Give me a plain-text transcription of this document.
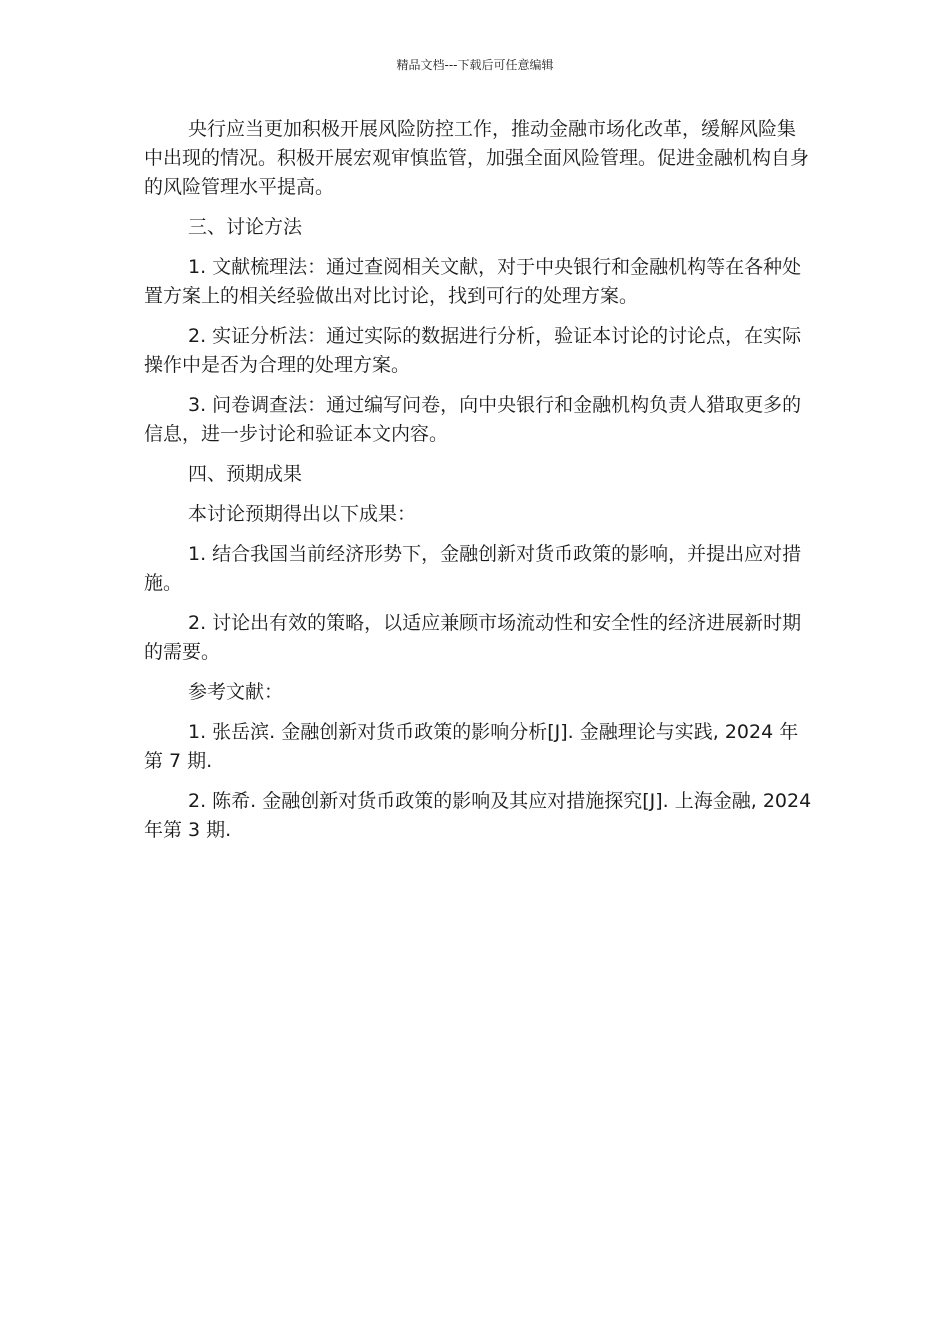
精品文档---下载后可任意编辑

央行应当更加积极开展风险防控工作，推动金融市场化改革，缓解风险集中出现的情况。积极开展宏观审慎监管，加强全面风险管理。促进金融机构自身的风险管理水平提高。

三、讨论方法

1. 文献梳理法：通过查阅相关文献，对于中央银行和金融机构等在各种处置方案上的相关经验做出对比讨论，找到可行的处理方案。

2. 实证分析法：通过实际的数据进行分析，验证本讨论的讨论点，在实际操作中是否为合理的处理方案。

3. 问卷调查法：通过编写问卷，向中央银行和金融机构负责人猎取更多的信息，进一步讨论和验证本文内容。

四、预期成果

本讨论预期得出以下成果：

1. 结合我国当前经济形势下，金融创新对货币政策的影响，并提出应对措施。

2. 讨论出有效的策略，以适应兼顾市场流动性和安全性的经济进展新时期的需要。

参考文献：

1. 张岳滨. 金融创新对货币政策的影响分析[J]. 金融理论与实践, 2024 年第 7 期.

2. 陈希. 金融创新对货币政策的影响及其应对措施探究[J]. 上海金融, 2024 年第 3 期.
